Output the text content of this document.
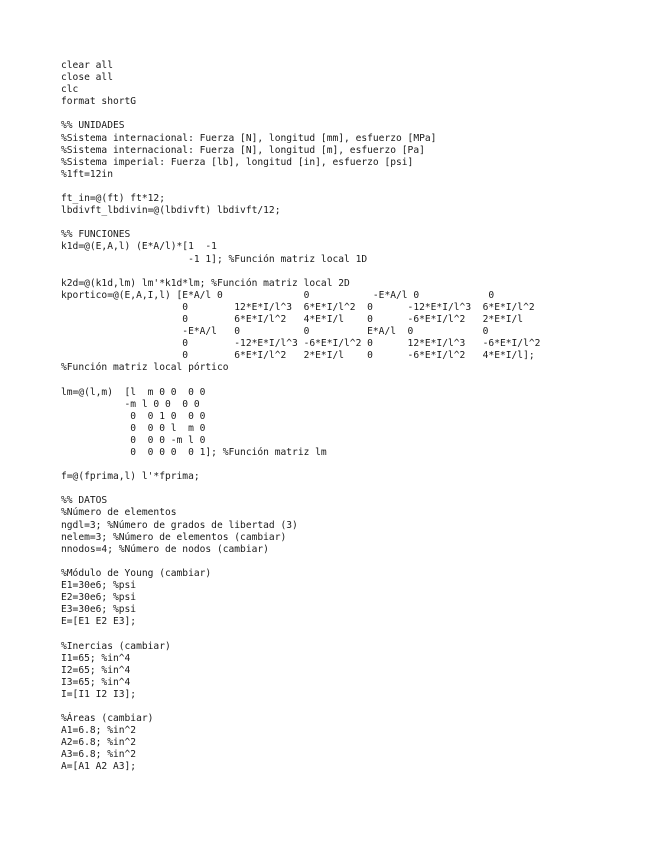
clear all
close all
clc
format shortG
%% UNIDADES
%Sistema internacional: Fuerza [N], longitud [mm], esfuerzo [MPa]
%Sistema internacional: Fuerza [N], longitud [m], esfuerzo [Pa]
%Sistema imperial: Fuerza [lb], longitud [in], esfuerzo [psi]
%1ft=12in
ft_in=@(ft) ft*12;
lbdivft_lbdivin=@(lbdivft) lbdivft/12;
%% FUNCIONES
k1d=@(E,A,l) (E*A/l)*[1  -1
-1 1]; %Función matriz local 1D
k2d=@(k1d,lm) lm'*k1d*lm; %Función matriz local 2D
kportico=@(E,A,I,l) [E*A/l 0              0           -E*A/l 0            0
0        12*E*I/l^3  6*E*I/l^2  0      -12*E*I/l^3  6*E*I/l^2
0        6*E*I/l^2   4*E*I/l    0      -6*E*I/l^2   2*E*I/l
-E*A/l   0           0          E*A/l  0            0
0        -12*E*I/l^3 -6*E*I/l^2 0      12*E*I/l^3   -6*E*I/l^2
0        6*E*I/l^2   2*E*I/l    0      -6*E*I/l^2   4*E*I/l];
%Función matriz local pórtico
lm=@(l,m)  [l  m 0 0  0 0
-m l 0 0  0 0
0  0 1 0  0 0
0  0 0 l  m 0
0  0 0 -m l 0
0  0 0 0  0 1]; %Función matriz lm
f=@(fprima,l) l'*fprima;
%% DATOS
%Número de elementos
ngdl=3; %Número de grados de libertad (3)
nelem=3; %Número de elementos (cambiar)
nnodos=4; %Número de nodos (cambiar)
%Módulo de Young (cambiar)
E1=30e6; %psi
E2=30e6; %psi
E3=30e6; %psi
E=[E1 E2 E3];
%Inercias (cambiar)
I1=65; %in^4
I2=65; %in^4
I3=65; %in^4
I=[I1 I2 I3];
%Áreas (cambiar)
A1=6.8; %in^2
A2=6.8; %in^2
A3=6.8; %in^2
A=[A1 A2 A3];
